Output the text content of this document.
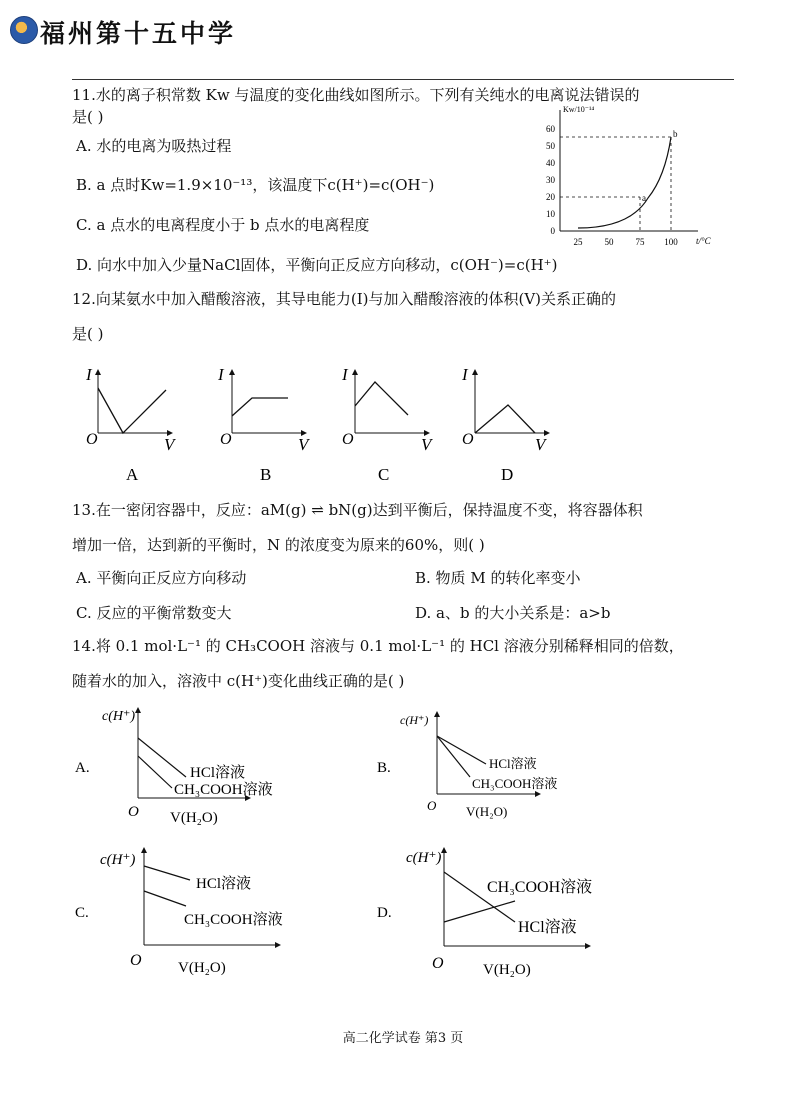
福州第十五中学
11.水的离子积常数 Kw 与温度的变化曲线如图所示。下列有关纯水的电离说法错误的
是( )
A. 水的电离为吸热过程
B. a 点时Kw=1.9×10⁻¹³，该温度下c(H⁺)=c(OH⁻)
C. a 点水的电离程度小于 b 点水的电离程度
D. 向水中加入少量NaCl固体，平衡向正反应方向移动，c(OH⁻)=c(H⁺)
Kw/10⁻¹⁴
t/°C
0
10
20
30
40
50
60
25 50 75 100
a
b
12.向某氨水中加入醋酸溶液，其导电能力(I)与加入醋酸溶液的体积(V)关系正确的
是( )
I
O	V
A
I
O	V
B
I
O	V
C
I
O	V
D
13.在一密闭容器中，反应：aM(g) ⇌ bN(g)达到平衡后，保持温度不变，将容器体积
增加一倍，达到新的平衡时，N 的浓度变为原来的60%，则( )
A. 平衡向正反应方向移动	B. 物质 M 的转化率变小
C. 反应的平衡常数变大	D. a、b 的大小关系是：a>b
14.将 0.1 mol·L⁻¹ 的 CH₃COOH 溶液与 0.1 mol·L⁻¹ 的 HCl 溶液分别稀释相同的倍数，
随着水的加入，溶液中 c(H⁺)变化曲线正确的是( )
A.
c(H⁺)
O V(H₂O)
HCl溶液
CH₃COOH溶液
B.
c(H⁺)
O V(H₂O)
HCl溶液
CH₃COOH溶液
C.
c(H⁺)
O V(H₂O)
HCl溶液
CH₃COOH溶液	D.
c(H⁺)
O	V(H₂O)
CH₃COOH溶液
HCl溶液
高二化学试卷 第3 页
